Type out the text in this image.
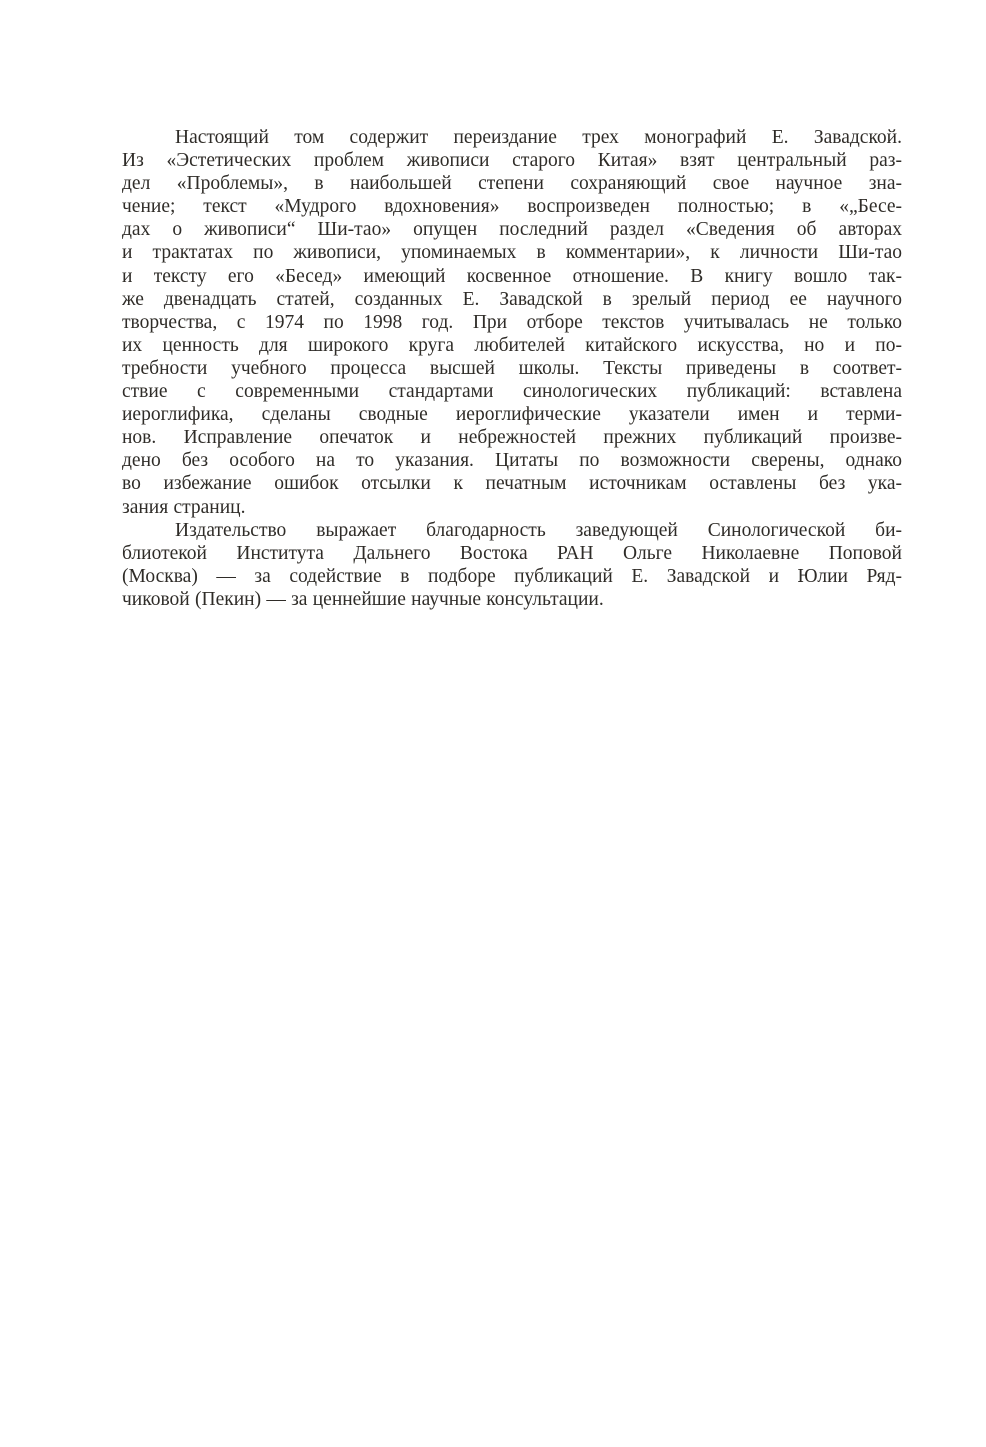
Настоящий том содержит переиздание трех монографий Е. Завадской.
Из «Эстетических проблем живописи старого Китая» взят центральный раз-
дел «Проблемы», в наибольшей степени сохраняющий свое научное зна-
чение; текст «Мудрого вдохновения» воспроизведен полностью; в «„Бесе-
дах о живописи“ Ши-тао» опущен последний раздел «Сведения об авторах
и трактатах по живописи, упоминаемых в комментарии», к личности Ши-тао
и тексту его «Бесед» имеющий косвенное отношение. В книгу вошло так-
же двенадцать статей, созданных Е. Завадской в зрелый период ее научного
творчества, с 1974 по 1998 год. При отборе текстов учитывалась не только
их ценность для широкого круга любителей китайского искусства, но и по-
требности учебного процесса высшей школы. Тексты приведены в соответ-
ствие с современными стандартами синологических публикаций: вставлена
иероглифика, сделаны сводные иероглифические указатели имен и терми-
нов. Исправление опечаток и небрежностей прежних публикаций произве-
дено без особого на то указания. Цитаты по возможности сверены, однако
во избежание ошибок отсылки к печатным источникам оставлены без ука-
зания страниц.
Издательство выражает благодарность заведующей Синологической би-
блиотекой Института Дальнего Востока РАН Ольге Николаевне Поповой
(Москва) — за содействие в подборе публикаций Е. Завадской и Юлии Ряд-
чиковой (Пекин) — за ценнейшие научные консультации.
